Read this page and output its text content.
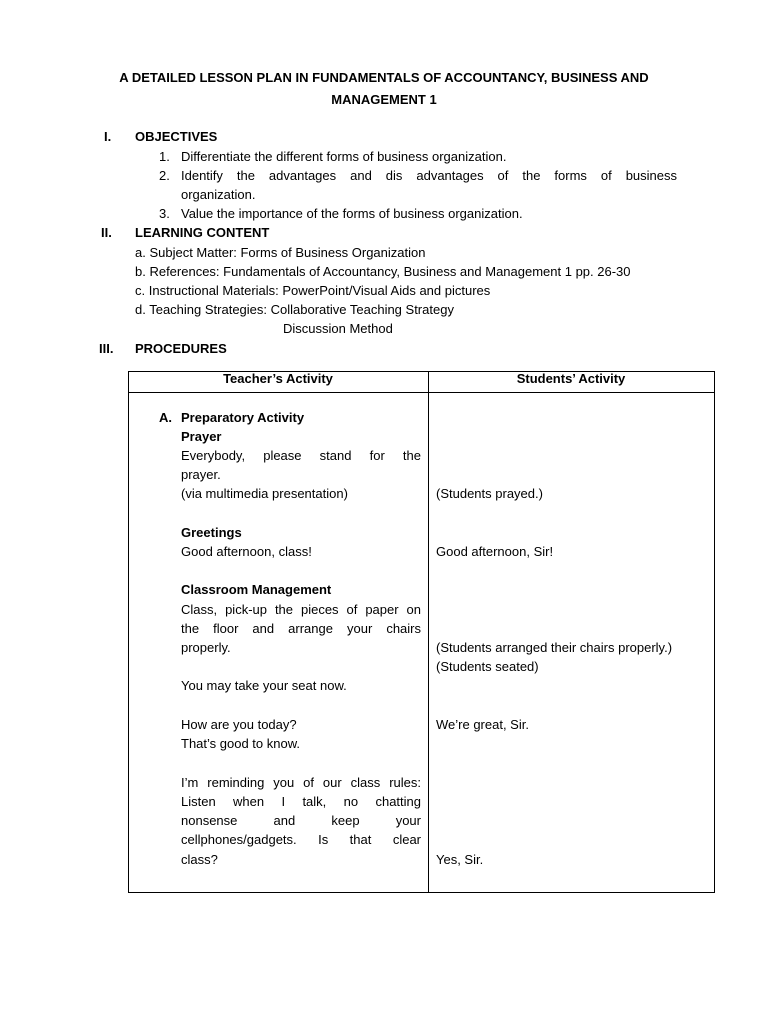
A DETAILED LESSON PLAN IN FUNDAMENTALS OF ACCOUNTANCY, BUSINESS AND
MANAGEMENT 1
I. OBJECTIVES
1. Differentiate the different forms of business organization.
2. Identify the advantages and dis advantages of the forms of business
organization.
3. Value the importance of the forms of business organization.
II. LEARNING CONTENT
a. Subject Matter: Forms of Business Organization
b. References: Fundamentals of Accountancy, Business and Management 1 pp. 26-30
c. Instructional Materials: PowerPoint/Visual Aids and pictures
d. Teaching Strategies: Collaborative Teaching Strategy
Discussion Method
III. PROCEDURES
Teacher’s Activity	Students’ Activity
A. Preparatory Activity
Prayer
Everybody, please stand for the
prayer.
(via multimedia presentation)	(Students prayed.)
Greetings
Good afternoon, class!	Good afternoon, Sir!
Classroom Management
Class, pick-up the pieces of paper on
the floor and arrange your chairs
properly.	(Students arranged their chairs properly.)
(Students seated)
You may take your seat now.
How are you today?	We’re great, Sir.
That’s good to know.
I’m reminding you of our class rules:
Listen when I talk, no chatting
nonsense and keep your
cellphones/gadgets. Is that clear
class?	Yes, Sir.
